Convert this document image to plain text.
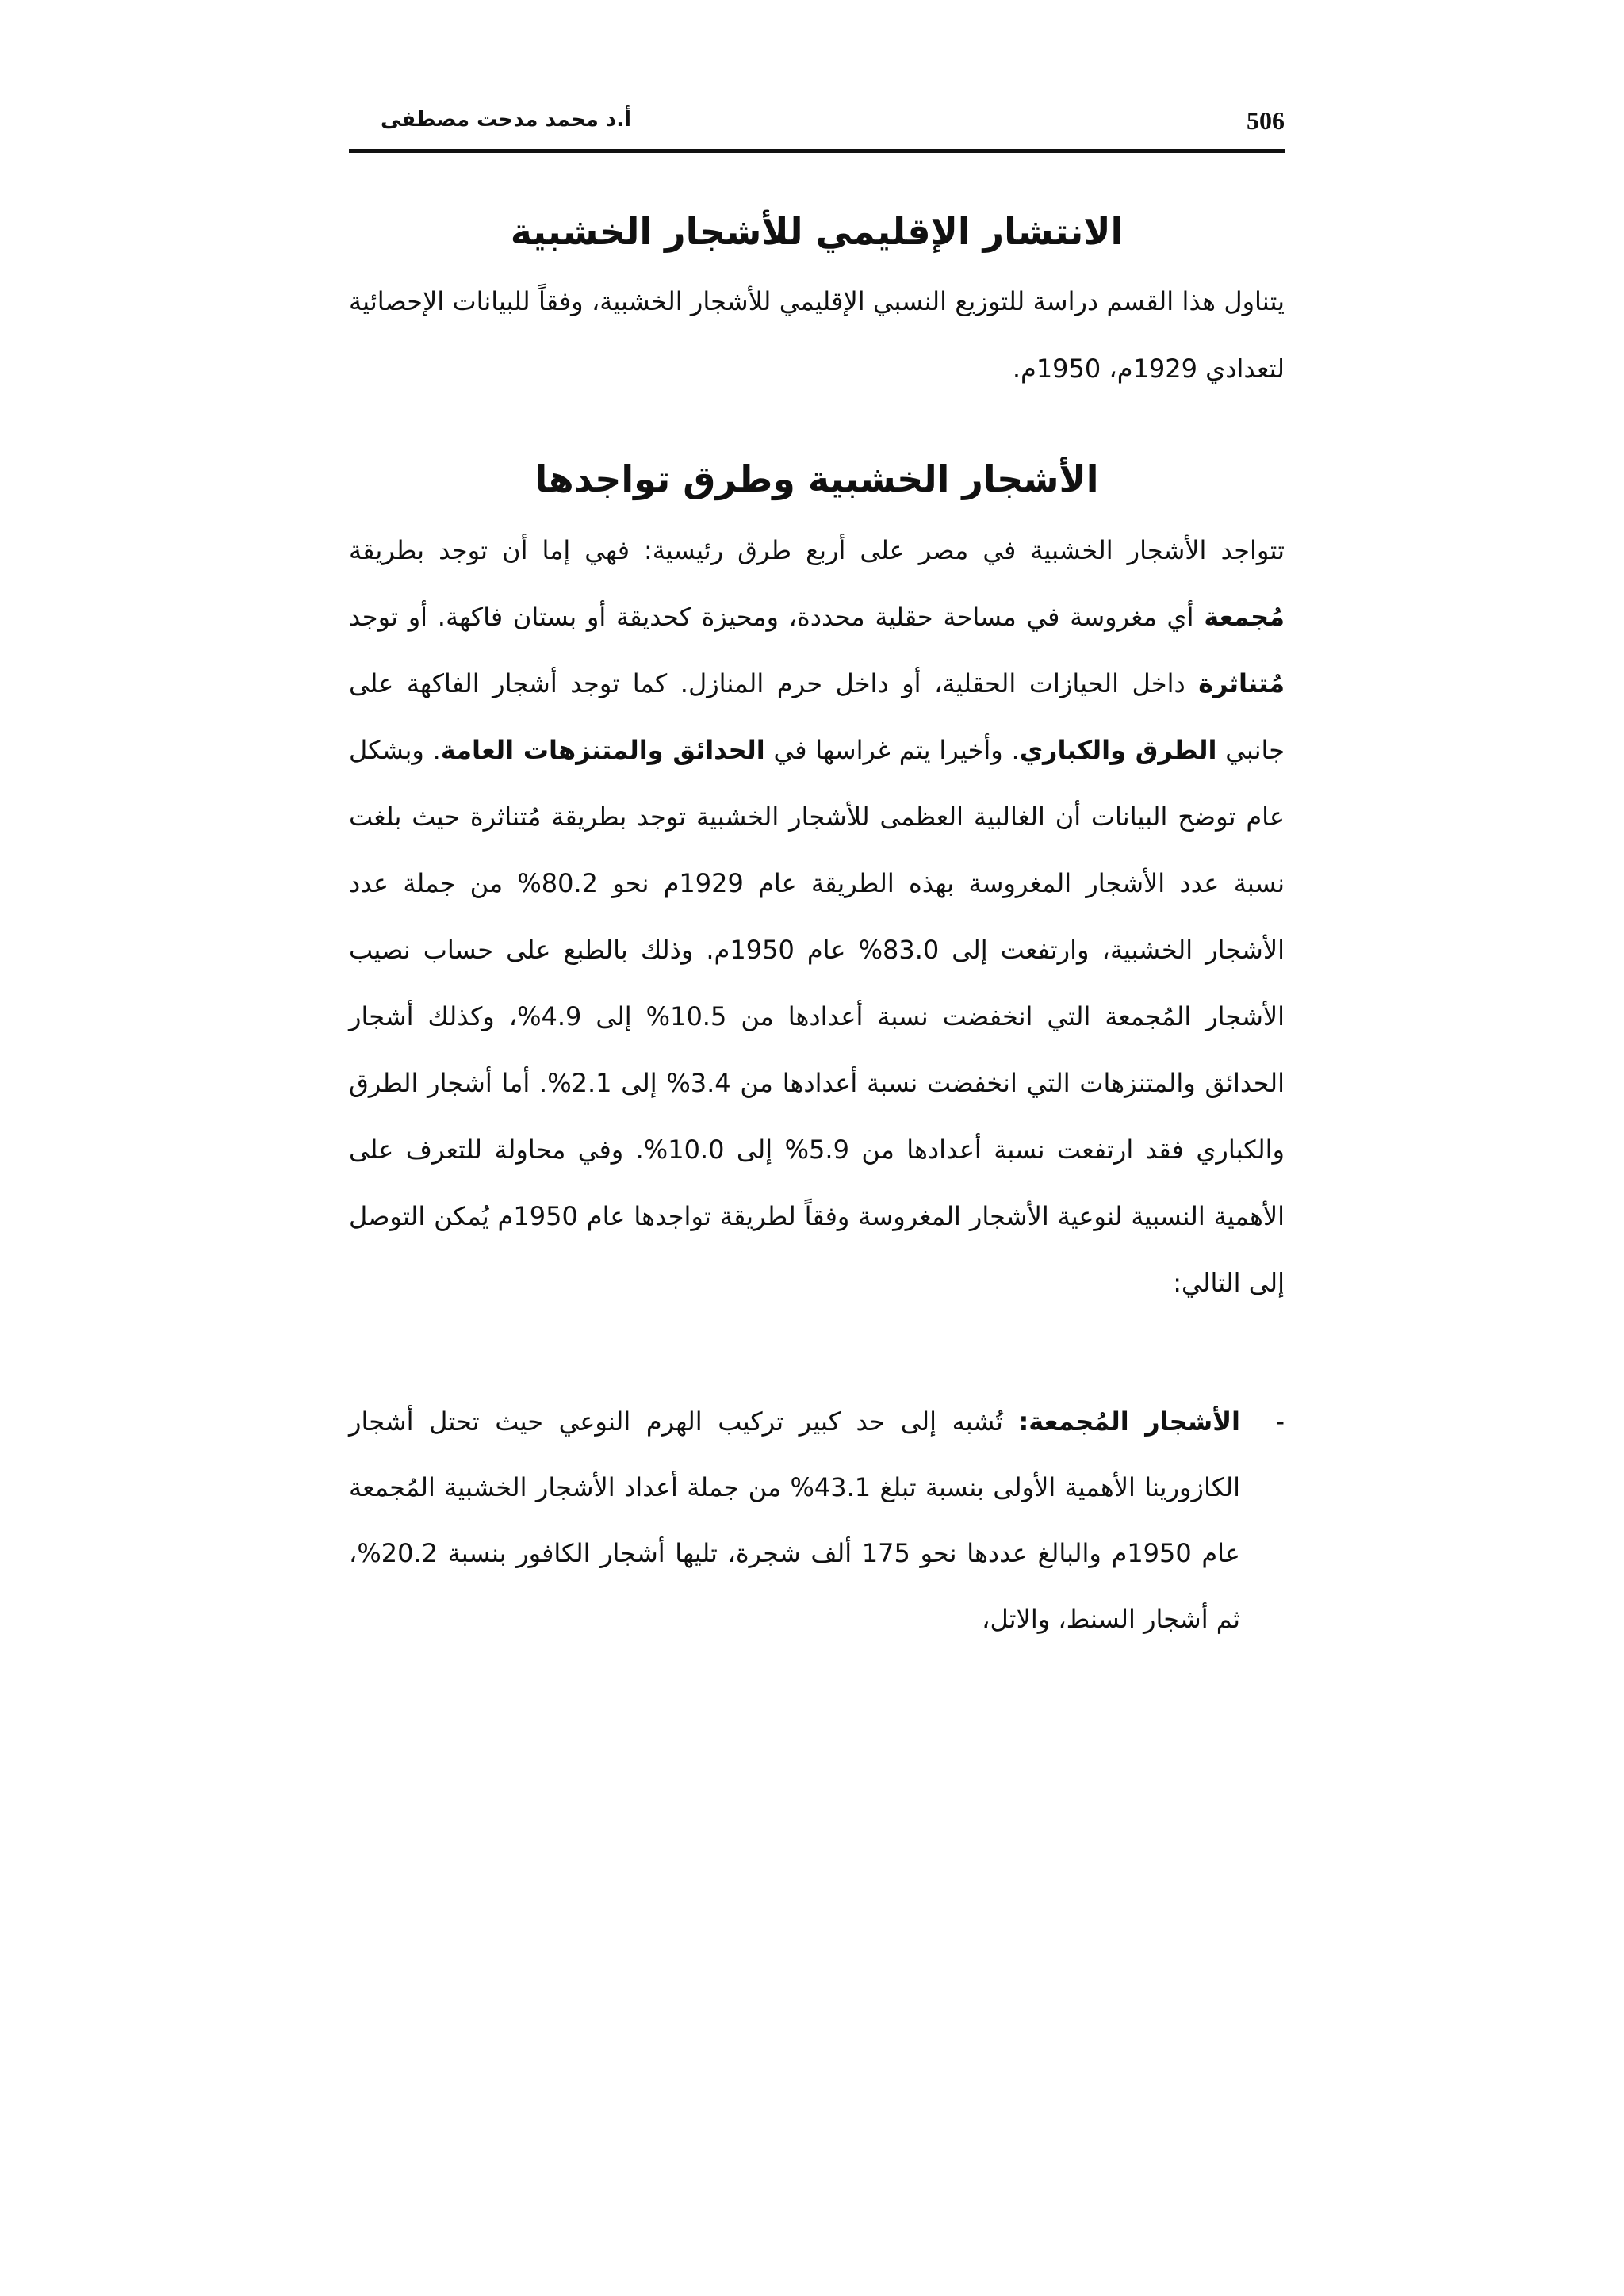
506
أ.د محمد مدحت مصطفى
الانتشار الإقليمي للأشجار الخشبية

يتناول هذا القسم دراسة للتوزيع النسبي الإقليمي للأشجار الخشبية، وفقاً للبيانات الإحصائية لتعدادي 1929م، 1950م.

الأشجار الخشبية وطرق تواجدها

تتواجد الأشجار الخشبية في مصر على أربع طرق رئيسية: فهي إما أن توجد بطريقة مُجمعة أي مغروسة في مساحة حقلية محددة، ومحيزة كحديقة أو بستان فاكهة. أو توجد مُتناثرة داخل الحيازات الحقلية، أو داخل حرم المنازل. كما توجد أشجار الفاكهة على جانبي الطرق والكباري. وأخيرا يتم غراسها في الحدائق والمتنزهات العامة. وبشكل عام توضح البيانات أن الغالبية العظمى للأشجار الخشبية توجد بطريقة مُتناثرة حيث بلغت نسبة عدد الأشجار المغروسة بهذه الطريقة عام 1929م نحو 80.2% من جملة عدد الأشجار الخشبية، وارتفعت إلى 83.0% عام 1950م. وذلك بالطبع على حساب نصيب الأشجار المُجمعة التي انخفضت نسبة أعدادها من 10.5% إلى 4.9%، وكذلك أشجار الحدائق والمتنزهات التي انخفضت نسبة أعدادها من 3.4% إلى 2.1%. أما أشجار الطرق والكباري فقد ارتفعت نسبة أعدادها من 5.9% إلى 10.0%. وفي محاولة للتعرف على الأهمية النسبية لنوعية الأشجار المغروسة وفقاً لطريقة تواجدها عام 1950م يُمكن التوصل إلى التالي:

-
الأشجار المُجمعة: تُشبه إلى حد كبير تركيب الهرم النوعي حيث تحتل أشجار الكازورينا الأهمية الأولى بنسبة تبلغ 43.1% من جملة أعداد الأشجار الخشبية المُجمعة عام 1950م والبالغ عددها نحو 175 ألف شجرة، تليها أشجار الكافور بنسبة 20.2%، ثم أشجار السنط، والاتل،
